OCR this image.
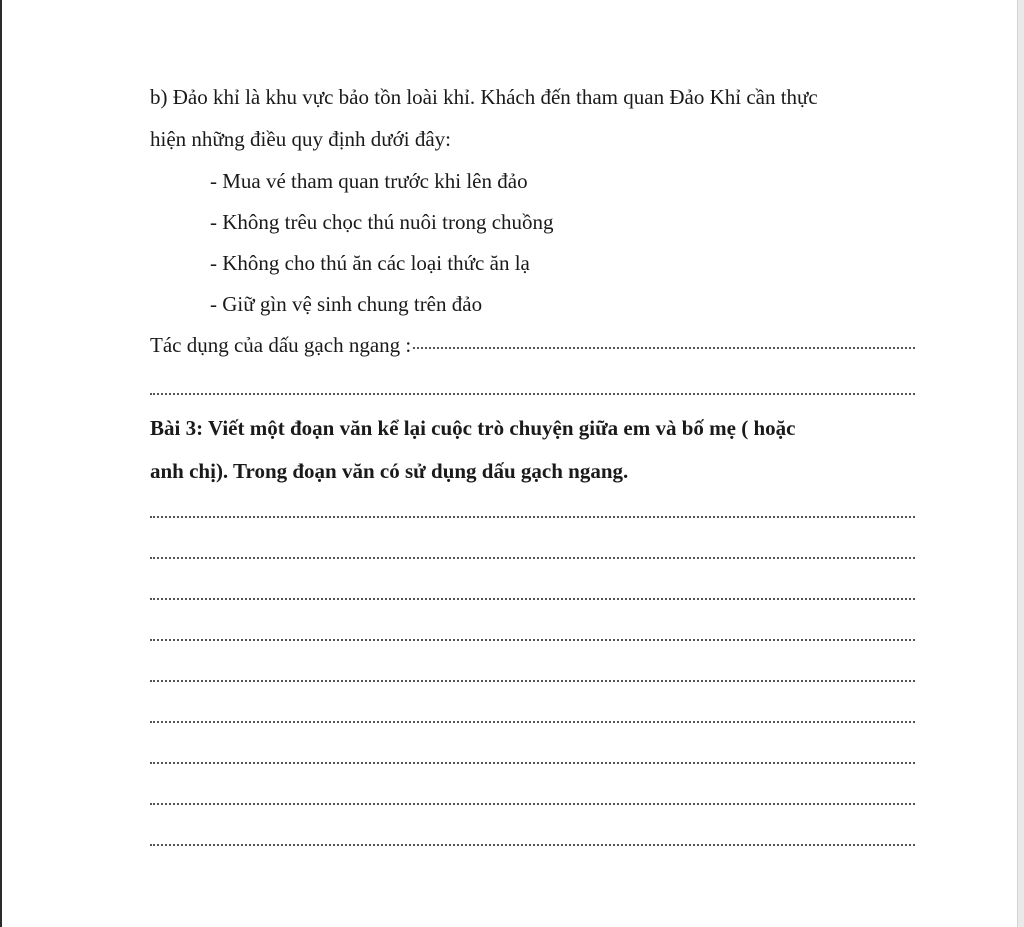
b) Đảo khỉ là khu vực bảo tồn loài khỉ. Khách đến tham quan Đảo Khỉ cần thực
hiện những điều quy định dưới đây:
- Mua vé tham quan trước khi lên đảo
- Không trêu chọc thú nuôi trong chuồng
- Không cho thú ăn các loại thức ăn lạ
- Giữ gìn vệ sinh chung trên đảo
Tác dụng của dấu gạch ngang :
Bài 3: Viết một đoạn văn kể lại cuộc trò chuyện giữa em và bố mẹ ( hoặc
anh chị). Trong đoạn văn có sử dụng dấu gạch ngang.
